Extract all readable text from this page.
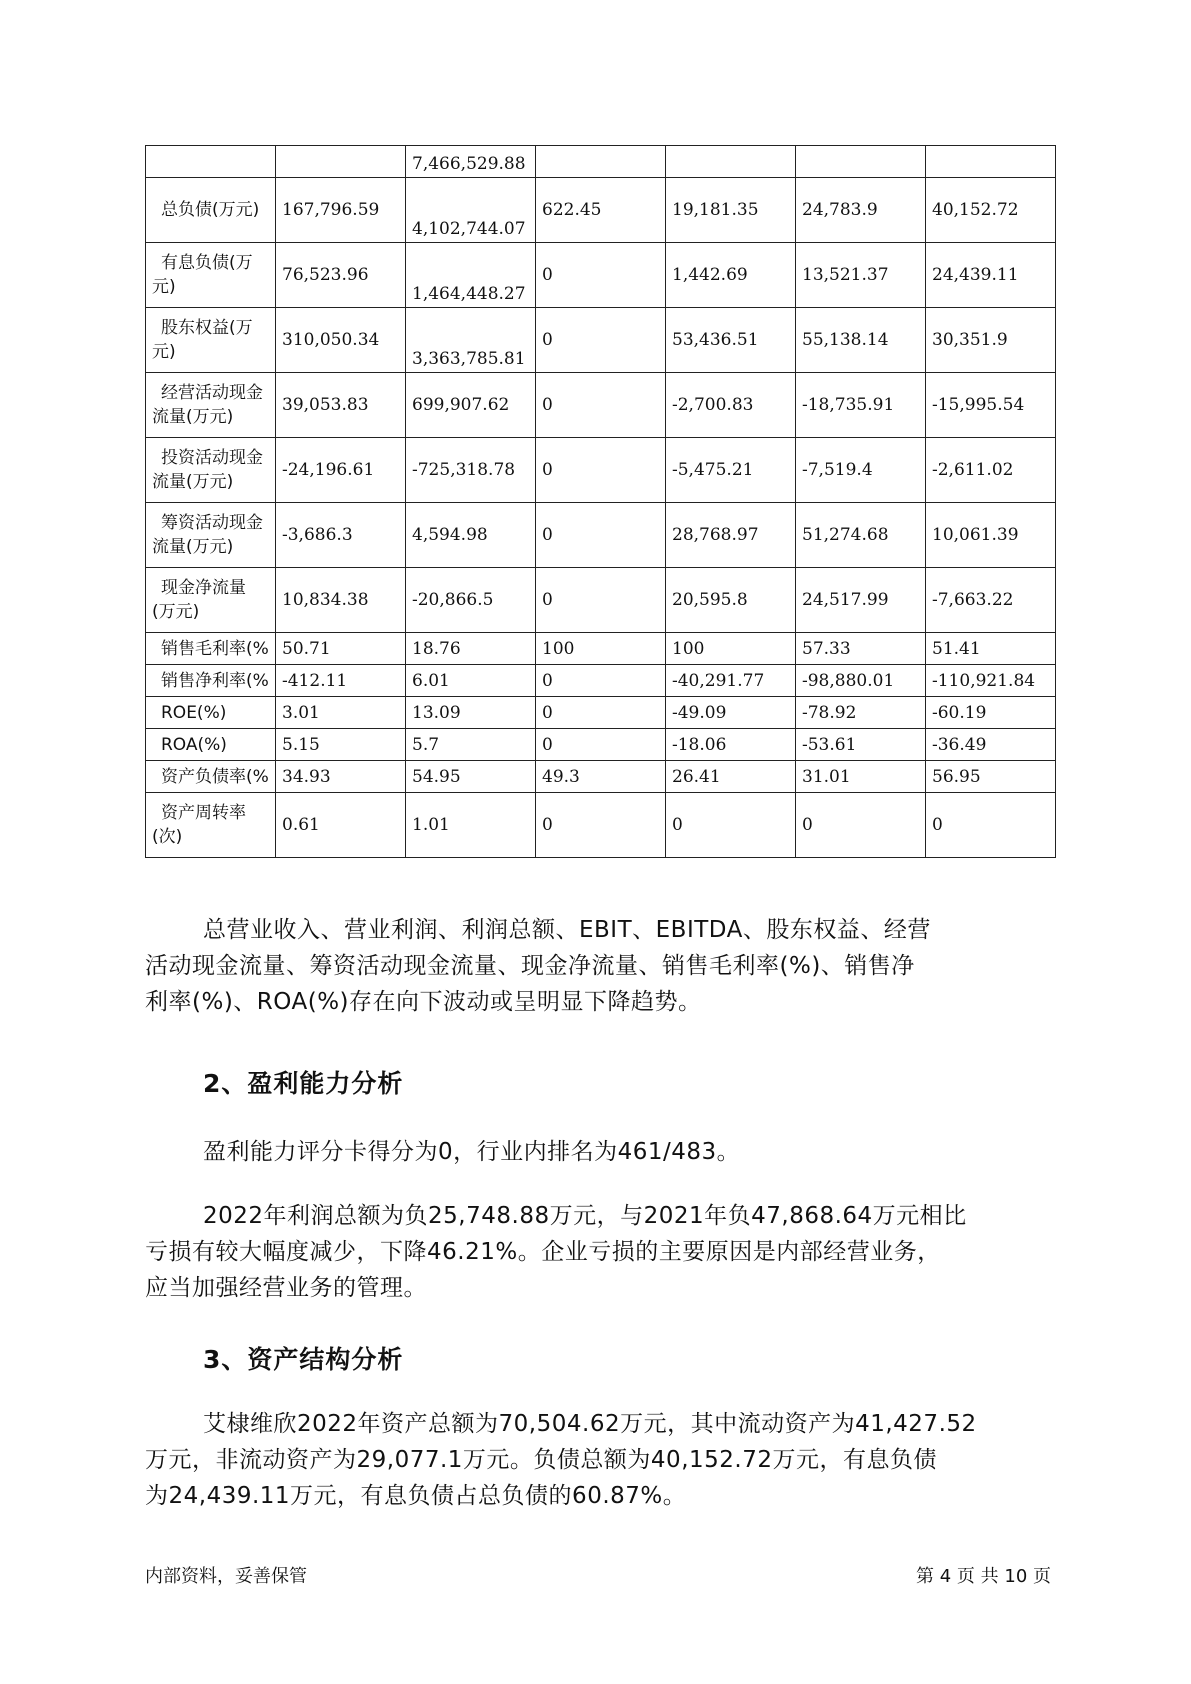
		7,466,529.88				

总负债(万元)	167,796.59	4,102,744.07	622.45	19,181.35	24,783.9	40,152.72

有息负债(万
元)	76,523.96	1,464,448.27	0	1,442.69	13,521.37	24,439.11

股东权益(万
元)	310,050.34	3,363,785.81	0	53,436.51	55,138.14	30,351.9

经营活动现金
流量(万元)	39,053.83	699,907.62	0	-2,700.83	-18,735.91	-15,995.54

投资活动现金
流量(万元)	-24,196.61	-725,318.78	0	-5,475.21	-7,519.4	-2,611.02

筹资活动现金
流量(万元)	-3,686.3	4,594.98	0	28,768.97	51,274.68	10,061.39

现金净流量
(万元)	10,834.38	-20,866.5	0	20,595.8	24,517.99	-7,663.22

销售毛利率(%	50.71	18.76	100	100	57.33	51.41

销售净利率(%	-412.11	6.01	0	-40,291.77	-98,880.01	-110,921.84

ROE(%)	3.01	13.09	0	-49.09	-78.92	-60.19

ROA(%)	5.15	5.7	0	-18.06	-53.61	-36.49

资产负债率(%	34.93	54.95	49.3	26.41	31.01	56.95

资产周转率
(次)	0.61	1.01	0	0	0	0

总营业收入、营业利润、利润总额、EBIT、EBITDA、股东权益、经营
活动现金流量、筹资活动现金流量、现金净流量、销售毛利率(%)、销售净
利率(%)、ROA(%)存在向下波动或呈明显下降趋势。

2、盈利能力分析

盈利能力评分卡得分为0，行业内排名为461/483。

2022年利润总额为负25,748.88万元，与2021年负47,868.64万元相比
亏损有较大幅度减少，下降46.21%。企业亏损的主要原因是内部经营业务，
应当加强经营业务的管理。

3、资产结构分析

艾棣维欣2022年资产总额为70,504.62万元，其中流动资产为41,427.52
万元，非流动资产为29,077.1万元。负债总额为40,152.72万元，有息负债
为24,439.11万元，有息负债占总负债的60.87%。

内部资料，妥善保管	第 4 页 共 10 页
